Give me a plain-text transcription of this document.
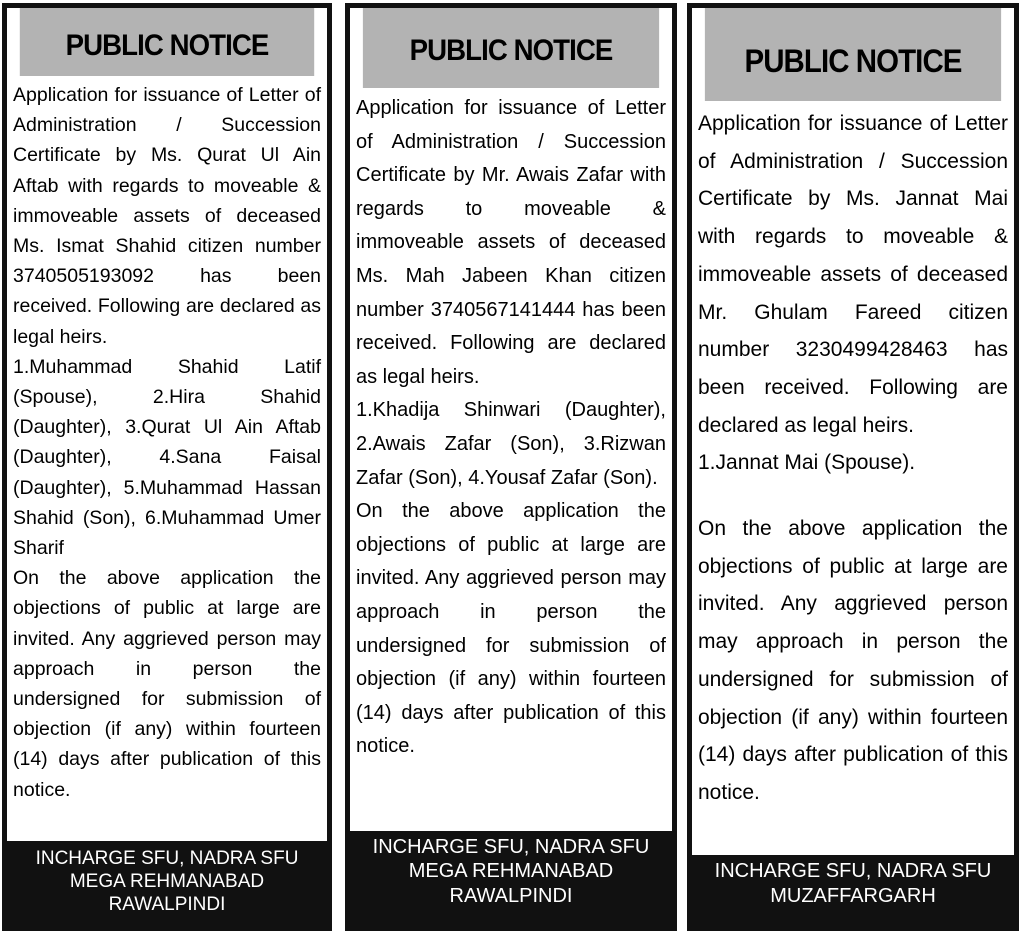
PUBLIC NOTICE

Application for issuance of Letter of Administration / Succession Certificate by Ms. Qurat Ul Ain Aftab with regards to moveable & immoveable assets of deceased Ms. Ismat Shahid citizen number 3740505193092 has been received. Following are declared as legal heirs.

1.Muhammad Shahid Latif (Spouse), 2.Hira Shahid (Daughter), 3.Qurat Ul Ain Aftab (Daughter), 4.Sana Faisal (Daughter), 5.Muhammad Hassan Shahid (Son), 6.Muhammad Umer Sharif

On the above application the objections of public at large are invited. Any aggrieved person may approach in person the undersigned for submission of objection (if any) within fourteen (14) days after publication of this notice.

INCHARGE SFU, NADRA SFU
MEGA REHMANABAD
RAWALPINDI
PUBLIC NOTICE

Application for issuance of Letter of Administration / Succession Certificate by Mr. Awais Zafar with regards to moveable & immoveable assets of deceased Ms. Mah Jabeen Khan citizen number 3740567141444 has been received. Following are declared as legal heirs.

1.Khadija Shinwari (Daughter), 2.Awais Zafar (Son), 3.Rizwan Zafar (Son), 4.Yousaf Zafar (Son).

On the above application the objections of public at large are invited. Any aggrieved person may approach in person the undersigned for submission of objection (if any) within fourteen (14) days after publication of this notice.

INCHARGE SFU, NADRA SFU
MEGA REHMANABAD
RAWALPINDI
PUBLIC NOTICE

Application for issuance of Letter of Administration / Succession Certificate by Ms. Jannat Mai with regards to moveable & immoveable assets of deceased Mr. Ghulam Fareed citizen number 3230499428463 has been received. Following are declared as legal heirs.

1.Jannat Mai (Spouse).

On the above application the objections of public at large are invited. Any aggrieved person may approach in person the undersigned for submission of objection (if any) within fourteen (14) days after publication of this notice.

INCHARGE SFU, NADRA SFU
MUZAFFARGARH
